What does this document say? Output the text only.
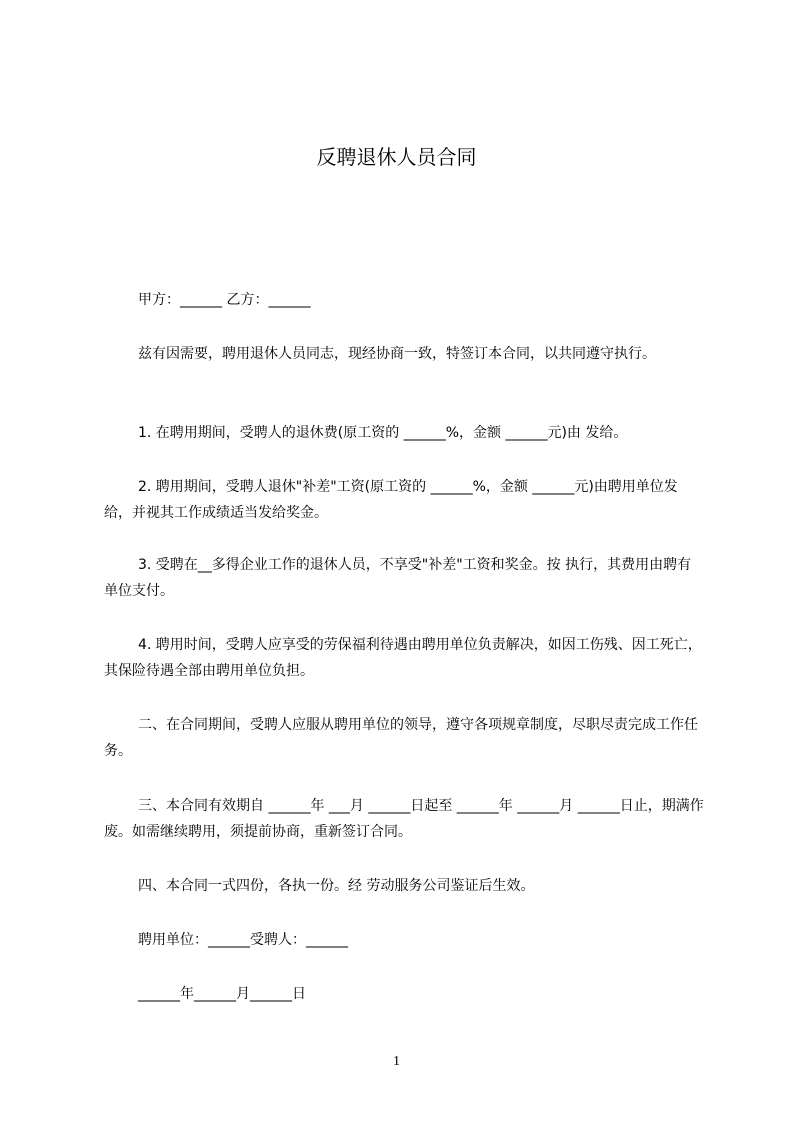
反聘退休人员合同

甲方：______ 乙方：______

兹有因需要，聘用退休人员同志，现经协商一致，特签订本合同，以共同遵守执行。

1. 在聘用期间，受聘人的退休费(原工资的 ______%，金额 ______元)由 发给。

2. 聘用期间，受聘人退休"补差"工资(原工资的 ______%，金额 ______元)由聘用单位发给，并视其工作成绩适当发给奖金。

3. 受聘在__多得企业工作的退休人员，不享受"补差"工资和奖金。按 执行，其费用由聘有单位支付。

4. 聘用时间，受聘人应享受的劳保福利待遇由聘用单位负责解决，如因工伤残、因工死亡，其保险待遇全部由聘用单位负担。

二、在合同期间，受聘人应服从聘用单位的领导，遵守各项规章制度，尽职尽责完成工作任务。

三、本合同有效期自 ______年 ___月 ______日起至 ______年 ______月 ______日止，期满作废。如需继续聘用，须提前协商，重新签订合同。

四、本合同一式四份，各执一份。经 劳动服务公司鉴证后生效。

聘用单位：______受聘人：______

______年______月______日

1
